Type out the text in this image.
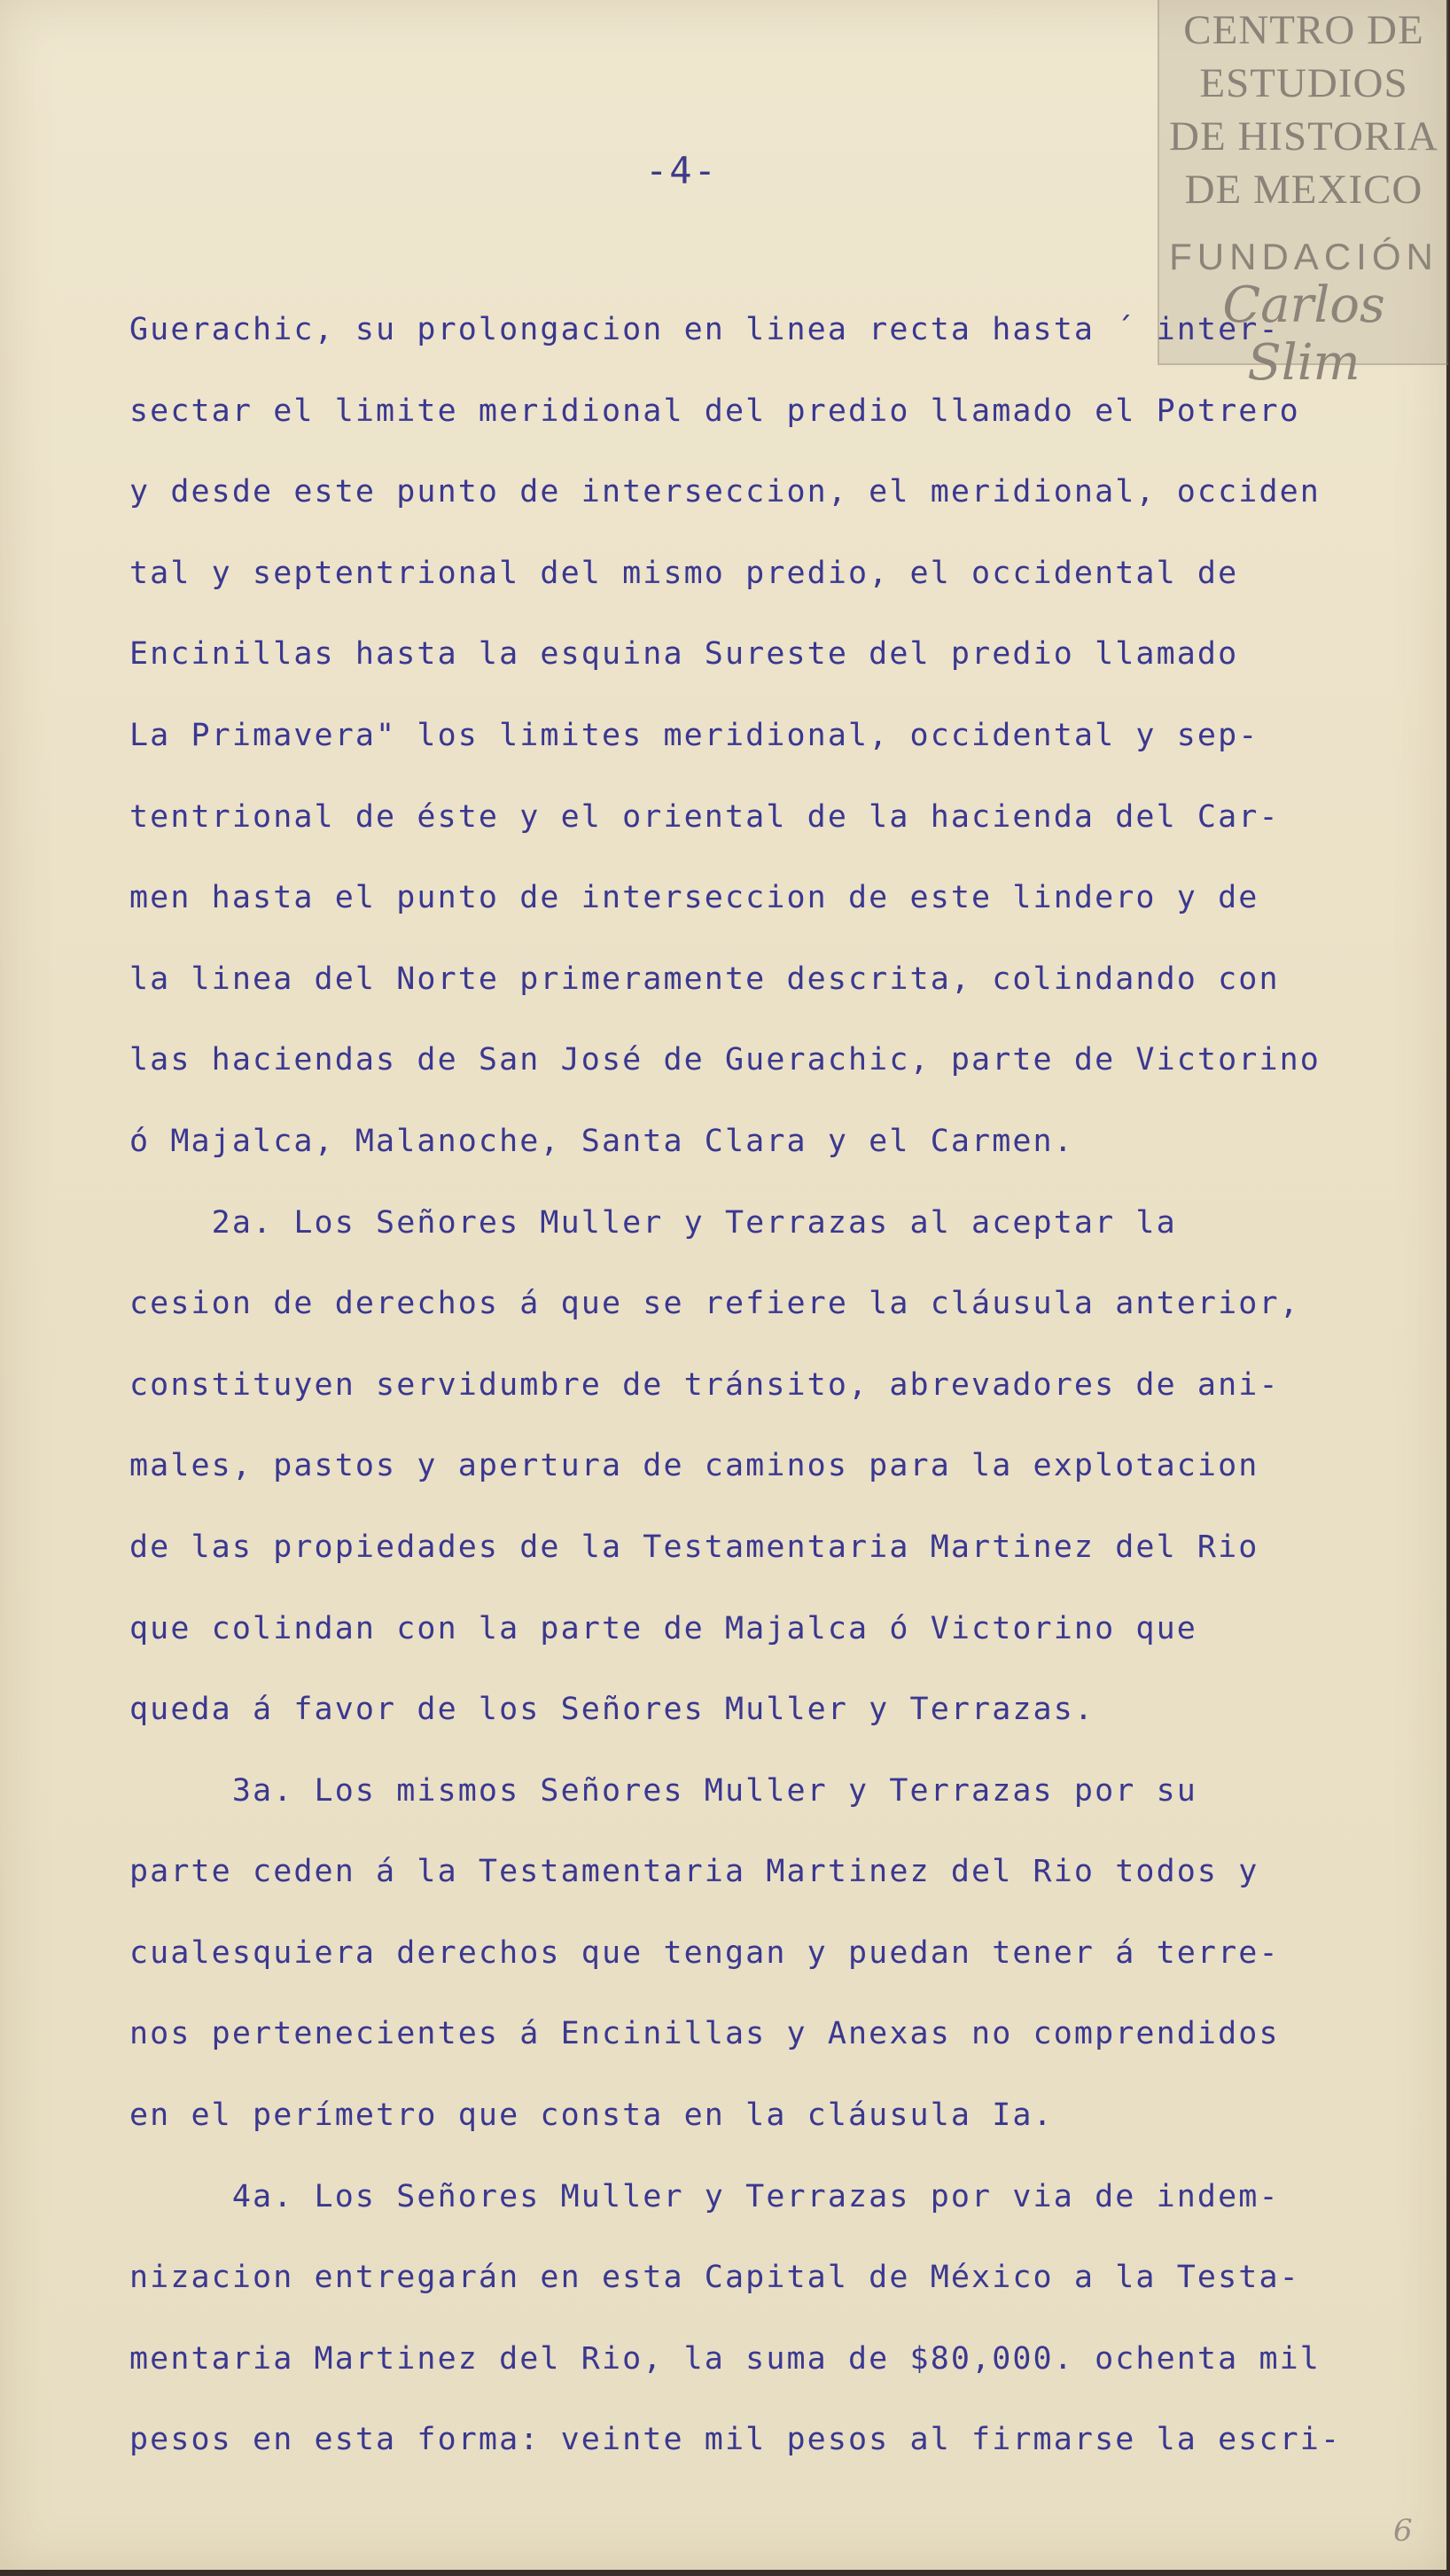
CENTRO DE
ESTUDIOS
DE HISTORIA
DE MEXICO
FUNDACIÓN
Carlos Slim
-4-
Guerachic, su prolongacion en linea recta hasta ´ inter-
sectar el limite meridional del predio llamado el Potrero
y desde este punto de interseccion, el meridional, occiden
tal y septentrional del mismo predio, el occidental de
Encinillas hasta la esquina Sureste del predio llamado
La Primavera" los limites meridional, occidental y sep-
tentrional de éste y el oriental de la hacienda del Car-
men hasta el punto de interseccion de este lindero y de
la linea del Norte primeramente descrita, colindando con
las haciendas de San José de Guerachic, parte de Victorino
ó Majalca, Malanoche, Santa Clara y el Carmen.
2a. Los Señores Muller y Terrazas al aceptar la
cesion de derechos á que se refiere la cláusula anterior,
constituyen servidumbre de tránsito, abrevadores de ani-
males, pastos y apertura de caminos para la explotacion
de las propiedades de la Testamentaria Martinez del Rio
que colindan con la parte de Majalca ó Victorino que
queda á favor de los Señores Muller y Terrazas.
3a. Los mismos Señores Muller y Terrazas por su
parte ceden á la Testamentaria Martinez del Rio todos y
cualesquiera derechos que tengan y puedan tener á terre-
nos pertenecientes á Encinillas y Anexas no comprendidos
en el perímetro que consta en la cláusula Ia.
4a. Los Señores Muller y Terrazas por via de indem-
nizacion entregarán en esta Capital de México a la Testa-
mentaria Martinez del Rio, la suma de $80,000. ochenta mil
pesos en esta forma: veinte mil pesos al firmarse la escri-
6
